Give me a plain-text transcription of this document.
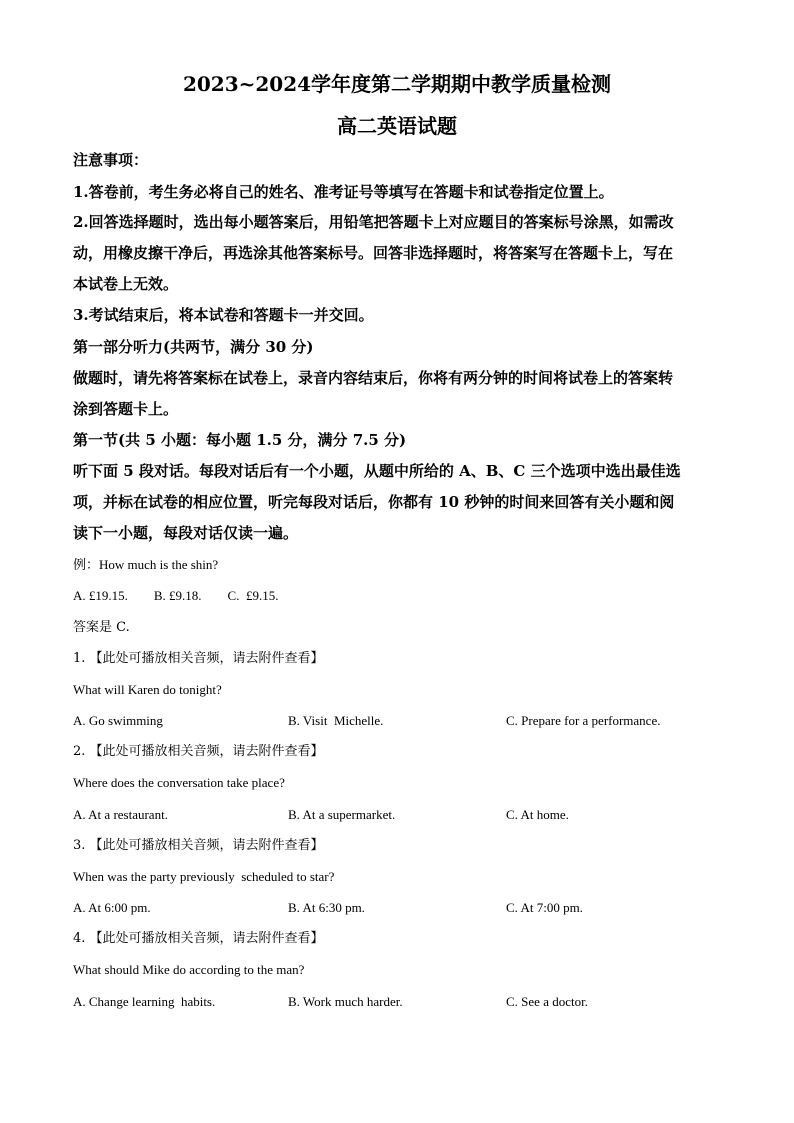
2023~2024学年度第二学期期中教学质量检测
高二英语试题
注意事项：
1.答卷前，考生务必将自己的姓名、准考证号等填写在答题卡和试卷指定位置上。
2.回答选择题时，选出每小题答案后，用铅笔把答题卡上对应题目的答案标号涂黑，如需改
动，用橡皮擦干净后，再选涂其他答案标号。回答非选择题时，将答案写在答题卡上，写在
本试卷上无效。
3.考试结束后，将本试卷和答题卡一并交回。
第一部分听力(共两节，满分 30 分)
做题时，请先将答案标在试卷上，录音内容结束后，你将有两分钟的时间将试卷上的答案转
涂到答题卡上。
第一节(共 5 小题：每小题 1.5 分，满分 7.5 分)
听下面 5 段对话。每段对话后有一个小题，从题中所给的 A、B、C 三个选项中选出最佳选
项，并标在试卷的相应位置，听完每段对话后，你都有 10 秒钟的时间来回答有关小题和阅
读下一小题，每段对话仅读一遍。
例：How much is the shin?
A. £19.15.        B. £9.18.        C.  £9.15.
答案是 C.
1. 【此处可播放相关音频，请去附件查看】
What will Karen do tonight?
A. Go swimming	B. Visit  Michelle.	C. Prepare for a performance.
2. 【此处可播放相关音频，请去附件查看】
Where does the conversation take place?
A. At a restaurant.	B. At a supermarket.	C. At home.
3. 【此处可播放相关音频，请去附件查看】
When was the party previously  scheduled to star?
A. At 6:00 pm.	B. At 6:30 pm.	C. At 7:00 pm.
4. 【此处可播放相关音频，请去附件查看】
What should Mike do according to the man?
A. Change learning  habits.	B. Work much harder.	C. See a doctor.
